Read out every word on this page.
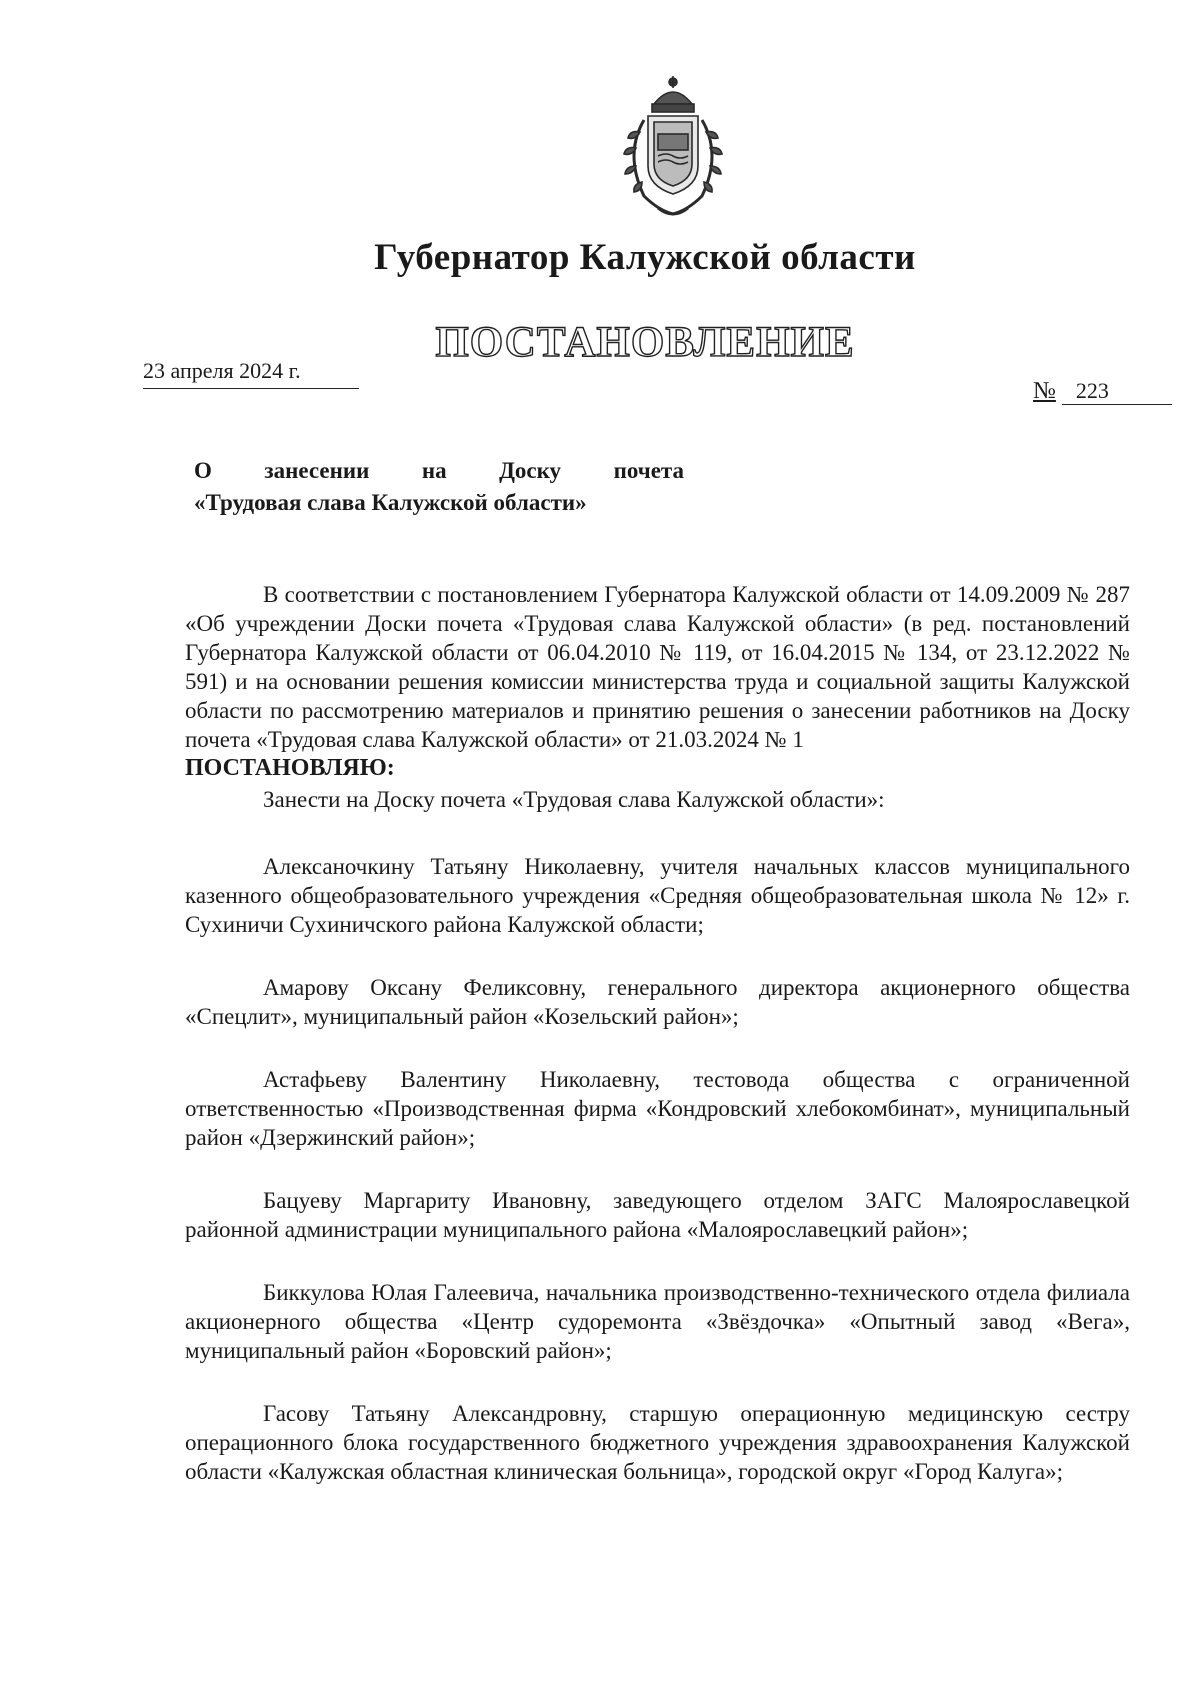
Губернатор Калужской области
ПОСТАНОВЛЕНИЕ
23 апреля 2024 г.
№ 223
О занесении на Доску почета
«Трудовая слава Калужской области»

В соответствии с постановлением Губернатора Калужской области от 14.09.2009 № 287 «Об учреждении Доски почета «Трудовая слава Калужской области» (в ред. постановлений Губернатора Калужской области от 06.04.2010 № 119, от 16.04.2015 № 134, от 23.12.2022 № 591) и на основании решения комиссии министерства труда и социальной защиты Калужской области по рассмотрению материалов и принятию решения о занесении работников на Доску почета «Трудовая слава Калужской области» от 21.03.2024 № 1

ПОСТАНОВЛЯЮ:

Занести на Доску почета «Трудовая слава Калужской области»:

Алексаночкину Татьяну Николаевну, учителя начальных классов муниципального казенного общеобразовательного учреждения «Средняя общеобразовательная школа № 12» г. Сухиничи Сухиничского района Калужской области;

Амарову Оксану Феликсовну, генерального директора акционерного общества «Спецлит», муниципальный район «Козельский район»;

Астафьеву Валентину Николаевну, тестовода общества с ограниченной ответственностью «Производственная фирма «Кондровский хлебокомбинат», муниципальный район «Дзержинский район»;

Бацуеву Маргариту Ивановну, заведующего отделом ЗАГС Малоярославецкой районной администрации муниципального района «Малоярославецкий район»;

Биккулова Юлая Галеевича, начальника производственно-технического отдела филиала акционерного общества «Центр судоремонта «Звёздочка» «Опытный завод «Вега», муниципальный район «Боровский район»;

Гасову Татьяну Александровну, старшую операционную медицинскую сестру операционного блока государственного бюджетного учреждения здравоохранения Калужской области «Калужская областная клиническая больница», городской округ «Город Калуга»;
